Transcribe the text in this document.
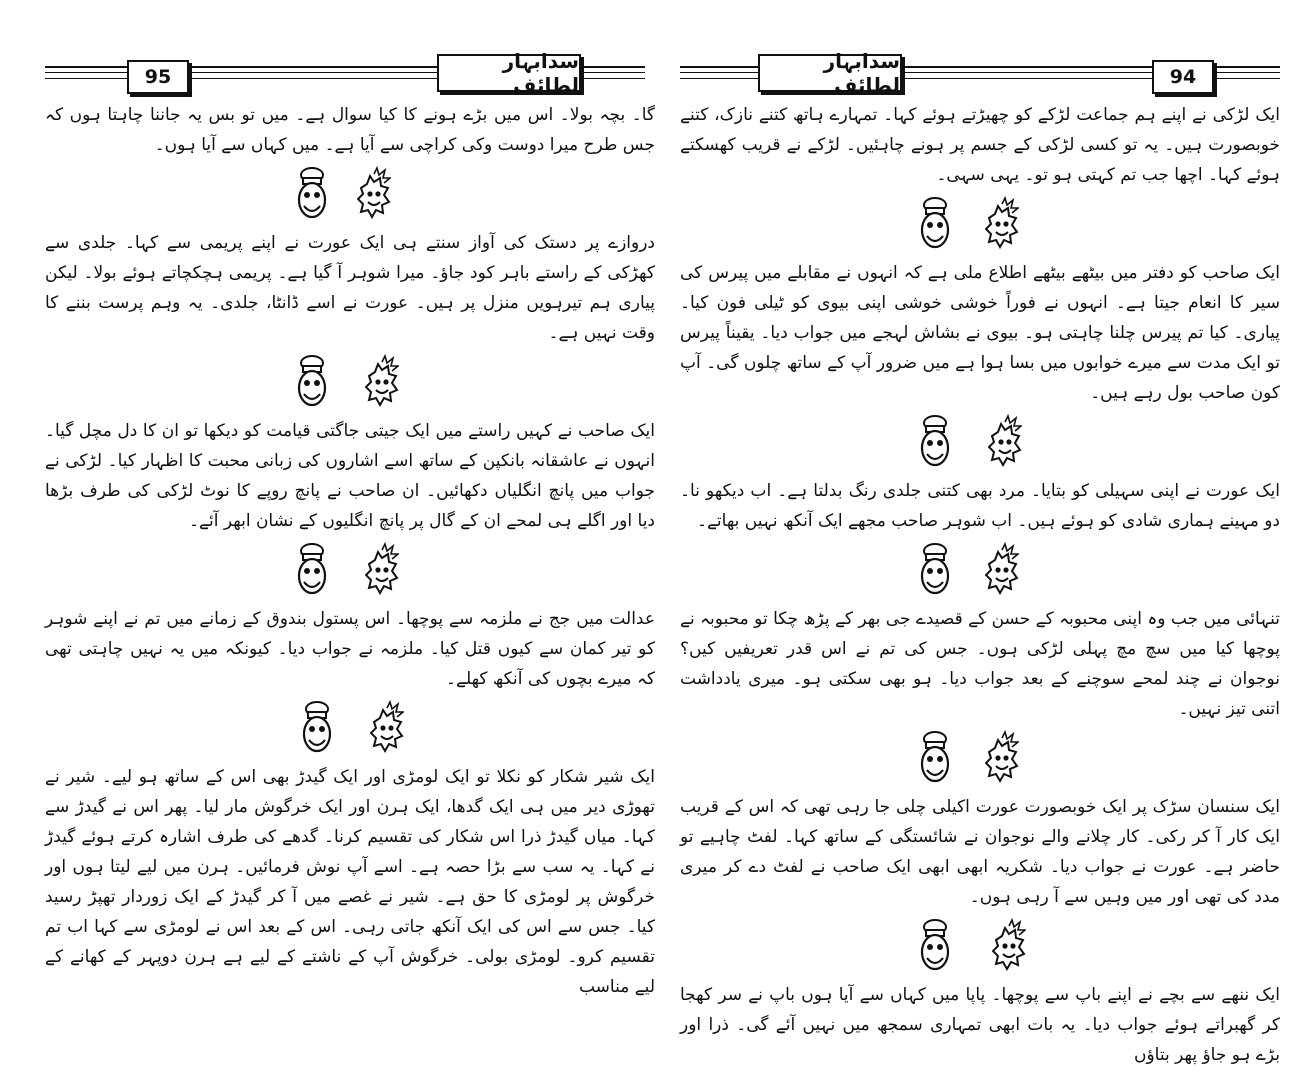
95
سدابہار لطائف

گا۔ بچہ بولا۔ اس میں بڑے ہونے کا کیا سوال ہے۔ میں تو بس یہ جاننا چاہتا ہوں کہ جس طرح میرا دوست وکی کراچی سے آیا ہے۔ میں کہاں سے آیا ہوں۔

دروازے پر دستک کی آواز سنتے ہی ایک عورت نے اپنے پریمی سے کہا۔ جلدی سے کھڑکی کے راستے باہر کود جاؤ۔ میرا شوہر آ گیا ہے۔ پریمی ہچکچاتے ہوئے بولا۔ لیکن پیاری ہم تیرہویں منزل پر ہیں۔ عورت نے اسے ڈانٹا، جلدی۔ یہ وہم پرست بننے کا وقت نہیں ہے۔

ایک صاحب نے کہیں راستے میں ایک جیتی جاگتی قیامت کو دیکھا تو ان کا دل مچل گیا۔ انہوں نے عاشقانہ بانکپن کے ساتھ اسے اشاروں کی زبانی محبت کا اظہار کیا۔ لڑکی نے جواب میں پانچ انگلیاں دکھائیں۔ ان صاحب نے پانچ روپے کا نوٹ لڑکی کی طرف بڑھا دیا اور اگلے ہی لمحے ان کے گال پر پانچ انگلیوں کے نشان ابھر آئے۔

عدالت میں جج نے ملزمہ سے پوچھا۔ اس پستول بندوق کے زمانے میں تم نے اپنے شوہر کو تیر کمان سے کیوں قتل کیا۔ ملزمہ نے جواب دیا۔ کیونکہ میں یہ نہیں چاہتی تھی کہ میرے بچوں کی آنکھ کھلے۔

ایک شیر شکار کو نکلا تو ایک لومڑی اور ایک گیدڑ بھی اس کے ساتھ ہو لیے۔ شیر نے تھوڑی دیر میں ہی ایک گدھا، ایک ہرن اور ایک خرگوش مار لیا۔ پھر اس نے گیدڑ سے کہا۔ میاں گیدڑ ذرا اس شکار کی تقسیم کرنا۔ گدھے کی طرف اشارہ کرتے ہوئے گیدڑ نے کہا۔ یہ سب سے بڑا حصہ ہے۔ اسے آپ نوش فرمائیں۔ ہرن میں لیے لیتا ہوں اور خرگوش پر لومڑی کا حق ہے۔ شیر نے غصے میں آ کر گیدڑ کے ایک زوردار تھپڑ رسید کیا۔ جس سے اس کی ایک آنکھ جاتی رہی۔ اس کے بعد اس نے لومڑی سے کہا اب تم تقسیم کرو۔ لومڑی بولی۔ خرگوش آپ کے ناشتے کے لیے ہے ہرن دوپہر کے کھانے کے لیے مناسب

سدابہار لطائف	94

ایک لڑکی نے اپنے ہم جماعت لڑکے کو چھیڑتے ہوئے کہا۔ تمہارے ہاتھ کتنے نازک، کتنے خوبصورت ہیں۔ یہ تو کسی لڑکی کے جسم پر ہونے چاہئیں۔ لڑکے نے قریب کھسکتے ہوئے کہا۔ اچھا جب تم کہتی ہو تو۔ یہی سہی۔

ایک صاحب کو دفتر میں بیٹھے بیٹھے اطلاع ملی ہے کہ انہوں نے مقابلے میں پیرس کی سیر کا انعام جیتا ہے۔ انہوں نے فوراً خوشی خوشی اپنی بیوی کو ٹیلی فون کیا۔ پیاری۔ کیا تم پیرس چلنا چاہتی ہو۔ بیوی نے بشاش لہجے میں جواب دیا۔ یقیناً پیرس تو ایک مدت سے میرے خوابوں میں بسا ہوا ہے میں ضرور آپ کے ساتھ چلوں گی۔ آپ کون صاحب بول رہے ہیں۔

ایک عورت نے اپنی سہیلی کو بتایا۔ مرد بھی کتنی جلدی رنگ بدلتا ہے۔ اب دیکھو نا۔ دو مہینے ہماری شادی کو ہوئے ہیں۔ اب شوہر صاحب مجھے ایک آنکھ نہیں بھاتے۔

تنہائی میں جب وہ اپنی محبوبہ کے حسن کے قصیدے جی بھر کے پڑھ چکا تو محبوبہ نے پوچھا کیا میں سچ مچ پہلی لڑکی ہوں۔ جس کی تم نے اس قدر تعریفیں کیں؟ نوجوان نے چند لمحے سوچنے کے بعد جواب دیا۔ ہو بھی سکتی ہو۔ میری یادداشت اتنی تیز نہیں۔

ایک سنسان سڑک پر ایک خوبصورت عورت اکیلی چلی جا رہی تھی کہ اس کے قریب ایک کار آ کر رکی۔ کار چلانے والے نوجوان نے شائستگی کے ساتھ کہا۔ لفٹ چاہیے تو حاضر ہے۔ عورت نے جواب دیا۔ شکریہ ابھی ابھی ایک صاحب نے لفٹ دے کر میری مدد کی تھی اور میں وہیں سے آ رہی ہوں۔

ایک ننھے سے بچے نے اپنے باپ سے پوچھا۔ پاپا میں کہاں سے آیا ہوں باپ نے سر کھجا کر گھبراتے ہوئے جواب دیا۔ یہ بات ابھی تمہاری سمجھ میں نہیں آئے گی۔ ذرا اور بڑے ہو جاؤ پھر بتاؤں
